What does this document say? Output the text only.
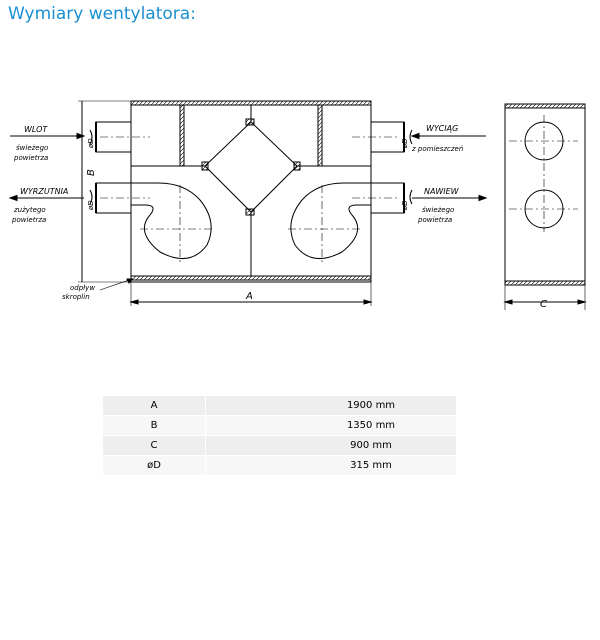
Wymiary wentylatora:
WLOT
świeżego
powietrza
WYRZUTNIA
zużytego
powietrza
WYCIĄG
z pomieszczeń
NAWIEW
świeżego
powietrza
odpływ
skroplin	A
C
B
øD
øD
øD
øD
A	1900 mm
B	1350 mm
C	900 mm
øD	315 mm
